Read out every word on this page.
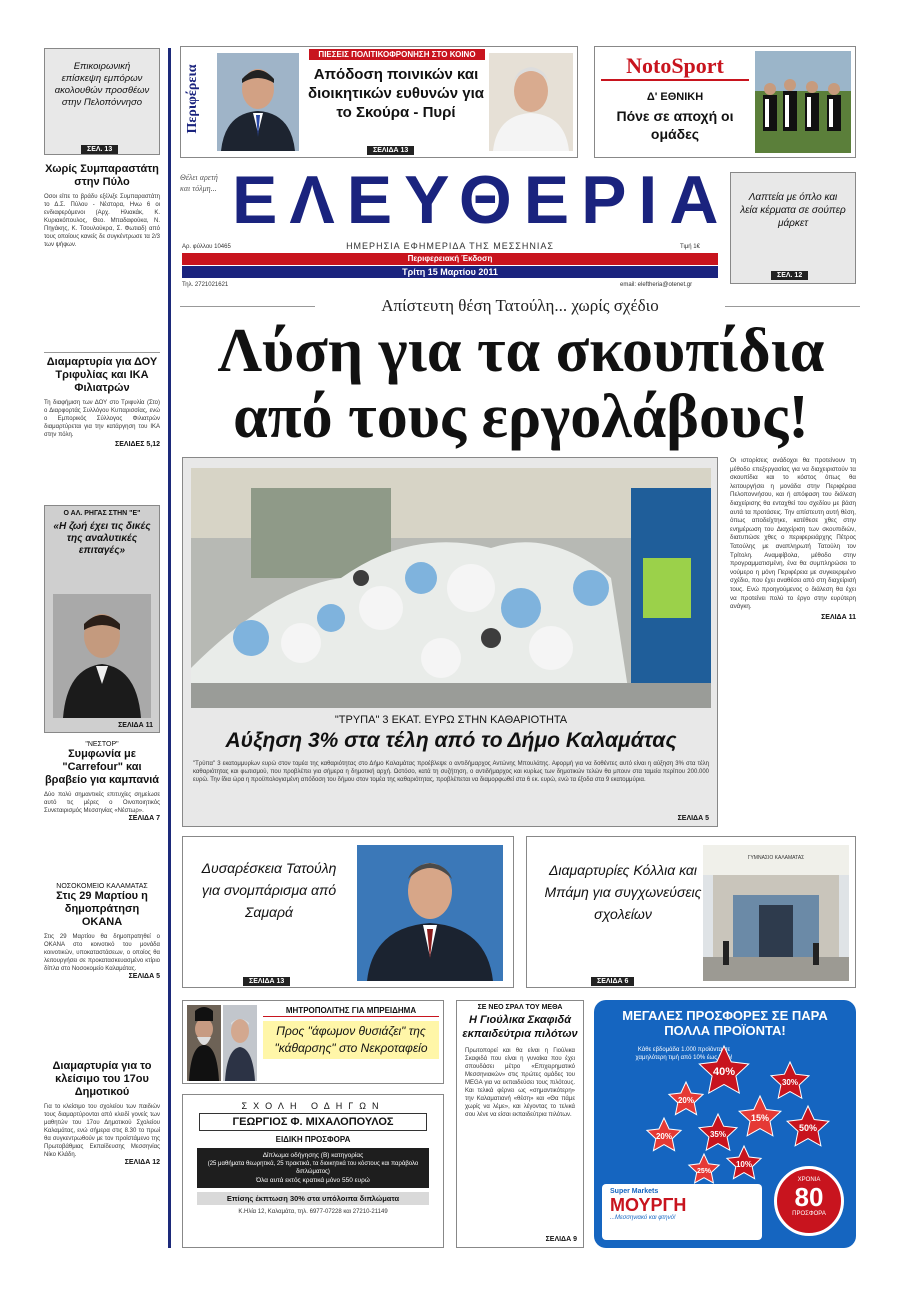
Επικοιρωνική επίσκεψη εμπόρων ακολουθών προσθέων στην Πελοπόννησο
ΣΕΛ. 13
Χωρίς Συμπαραστάτη στην Πύλο
Οσοι είπε το βράδυ εξέλιξε Συμπαραστάτη το Δ.Σ. Πύλου - Νέστορα, Ηνω 6 οι ενδιαφερόμενοι (Αρχ. Ηλιακάκ, Κ. Κυριακόπουλος, Θεο. Μπαδαφούκα, Ν. Πηγάκης, Κ. Τσουλούκρα, Σ. Φωτιαδ) από τους οποίους κανείς δε συγκέντρωσε τα 2/3 των ψήφων.
Διαμαρτυρία για ΔΟΥ Τριφυλίας και ΙΚΑ Φιλιατρών
Τη διαφήμιση των ΔΟΥ στο Τριφυλία (Στο) ο Διαρφορτάς Συλλόγου Κυπαρισσίας, ενώ ο Εμπορικός Σύλλογος Φιλιατρών διαμαρτύρεται για την κατάργηση του ΙΚΑ στην πόλη.
ΣΕΛΙΔΕΣ 5,12
Ο ΑΛ. ΡΗΓΑΣ ΣΤΗΝ "Ε"
«Η ζωή έχει τις δικές της αναλυτικές επιταγές»
ΣΕΛΙΔΑ 11
"ΝΕΣΤΟΡ"
Συμφωνία με "Carrefour" και βραβείο για καμπανιά
Δύο πολύ σημαντικές επιτυχίες σημείωσε αυτό τις μέρες ο Οινοποιητικός Συνεταιρισμός Μεσσηνίας «Νέστωρ».
ΣΕΛΙΔΑ 7
ΝΟΣΟΚΟΜΕΙΟ ΚΑΛΑΜΑΤΑΣ
Στις 29 Μαρτίου η δημοπράτηση ΟΚΑΝΑ
Στις 29 Μαρτίου θα δημοπρατηθεί ο ΟΚΑΝΑ στο κοινοτικό του μονάδα κοινοτικών, υποκαταστάσεων, ο οποίος θα λειτουργήσει σε προκατασκευασμένο κτίριο δίπλα στο Νοσοκομείο Καλαμάτας.
ΣΕΛΙΔΑ 5
Διαμαρτυρία για το κλείσιμο του 17ου Δημοτικού
Για το κλείσιμο του σχολείου των παιδιών τους διαμαρτύρονται από κλειδί γονείς των μαθητών του 17ου Δημοτικού Σχολείου Καλαμάτας, ενώ σήμερα στις 8.30 το πρωί θα συγκεντρωθούν με τον προϊστάμενο της Πρωτοβάθμιας Εκπαίδευσης Μεσσηνίας Νίκο Κλάδη.
ΣΕΛΙΔΑ 12
Περιφέρεια
ΠΙΕΣΕΙΣ ΠΟΛΙΤΙΚΟΦΡΟΝΗΣΗ ΣΤΟ ΚΟΙΝΟ
Απόδοση ποινικών και διοικητικών ευθυνών για το Σκούρα - Πυρί
ΣΕΛΙΔΑ 13
NotoSport
Δ' ΕΘΝΙΚΗ
Πόνε σε αποχή οι ομάδες
Θέλει αρετή και τόλμη... ΕΛΕΥΘΕΡΙΑ
Αρ. φύλλου 10465	ΗΜΕΡΗΣΙΑ ΕΦΗΜΕΡΙΔΑ ΤΗΣ ΜΕΣΣΗΝΙΑΣ	Τιμή 1€
Περιφερειακή Έκδοση
Τρίτη 15 Μαρτίου 2011
Τηλ. 2721021621	email: eleftheria@otenet.gr
Λαπτεία με όπλο και λεία κέρματα σε σούπερ μάρκετ
ΣΕΛ. 12
Απίστευτη θέση Τατούλη... χωρίς σχέδιο
Λύση για τα σκουπίδια
από τους εργολάβους!
"ΤΡΥΠΑ" 3 ΕΚΑΤ. ΕΥΡΩ ΣΤΗΝ ΚΑΘΑΡΙΟΤΗΤΑ
Αύξηση 3% στα τέλη από το Δήμο Καλαμάτας
"Τρύπα" 3 εκατομμυρίων ευρώ στον τομέα της καθαριότητας στο Δήμο Καλαμάτας προέβλεψε ο αντιδήμαρχος Αντώνης Μπουλάτης. Αφορμή για να δοθέντες αυτό είναι η αύξηση 3% στα τέλη καθαριότητας και φωτισμού, που προβλέπει για σήμερα η δημοτική αρχή. Ωστόσο, κατά τη συζήτηση, ο αντιδήμαρχος και κυρίως των δημοτικών τελών θα μπουν στα ταμεία περίπου 200.000 ευρώ. Την ίδια ώρα η προϋπολογισμένη απόδοση του δήμου στον τομέα της καθαριότητας, προβλέπεται να διαμορφωθεί στα 6 εκ. ευρώ, ενώ τα έξοδα στα 9 εκατομμύρια.
ΣΕΛΙΔΑ 5
Οι ιστορίσεις ανάδοχοι θα προτείνουν τη μέθοδο επεξεργασίας για να διαχειριστούν τα σκουπίδια και το κόστος όπως θα λειτουργήσει η μονάδα στην Περιφέρεια Πελοποννήσου, και ή απόφαση του διάλεση διαχείρισης θα ενταχθεί του σχεδίου με βάση αυτά τα προτάσεις. Την απίστευτη αυτή θέση, όπως αποδείχτηκε, κατέθεσε χθες στην ενημέρωση του Διαχείριση των σκουπιδιών, διατυπώσε χθες ο περιφερειάρχης Πέτρος Τατούλης με αναπληρωτή Τατούλη τον Τρίτολη. Αναμφίβολα, μέθοδο στην προγραμματισμένη, ένα θα συμπληρώσει το νούμερο η μόνη Περιφέρεια με συγκεκριμένο σχέδιο, που έχει αναθέσει από στη διαχείρισή τους. Ενώ προηγούμενος ο διάλεση θα έχει να προτείνει πολύ το έργο στην ευρύτερη ανάγκη.
ΣΕΛΙΔΑ 11
Δυσαρέσκεια Τατούλη για σνομπάρισμα από Σαμαρά
ΣΕΛΙΔΑ 13
Διαμαρτυρίες Κόλλια και Μπάμη για συγχωνεύσεις σχολείων
ΓΥΜΝΑΣΙΟ ΚΑΛΑΜΑΤΑΣ
ΣΕΛΙΔΑ 6
ΜΗΤΡΟΠΟΛΙΤΗΣ ΓΙΑ ΜΠΡΕΙΔΗΜΑ
Προς "άφωμον θυσιάζει" της "κάθαρσης" στο Νεκροταφείο
ΣΧΟΛΗ ΟΔΗΓΩΝ
ΓΕΩΡΓΙΟΣ Φ. ΜΙΧΑΛΟΠΟΥΛΟΣ
ΕΙΔΙΚΗ ΠΡΟΣΦΟΡΑ
Δίπλωμα οδήγησης (Β) κατηγορίας
(25 μαθήματα θεωρητικά, 25 πρακτικά, τα διοικητικά του κόστους και παράβολο διπλώματος)
Όλα αυτά εκτός κρατικά μόνο 550 ευρώ
Επίσης έκπτωση 30% στα υπόλοιπα διπλώματα
Κ.Ηλία 12, Καλαμάτα, τηλ. 6977-07228 και 27210-21149
ΣΕ ΝΕΟ ΣΡΑΛ ΤΟΥ ΜΕΘΑ
Η Γιούλικα Σκαφιδά εκπαιδεύτρια πιλότων
Πρωτοπορεί και θα είναι η Γιούλικα Σκαφιδά που είναι η γυναίκα που έχει σπουδάσει μέτρο «Επιχειρηματικό Μεσσηνιακών» στις πρώτες ομάδες του MEGA για να εκπαιδεύσει τους πιλότους. Και τελικά φέρνει ως «σημαντικότερη» την Καλαματιανή «θέση» και «Θα πάμε χωρίς να λέμε», και λέγοντας το τελικά σου λένε να είσαι εκπαιδεύτρια πιλότων.
ΣΕΛΙΔΑ 9
ΜΕΓΑΛΕΣ ΠΡΟΣΦΟΡΕΣ ΣΕ ΠΑΡΑ ΠΟΛΛΑ ΠΡΟΪΟΝΤΑ!
Κάθε εβδομάδα 1.000 προϊόντα σε χαμηλότερη τιμή από 10% έως 50%!
40%
20%
30%
15%
50%
20%	35%
25%
10%
Super Markets
ΜΟΥΡΓΗ
...Μεσσηνιακό και φτηνό!
ΧΡΟΝΙΑ
80
ΠΡΟΣΦΟΡΑ
